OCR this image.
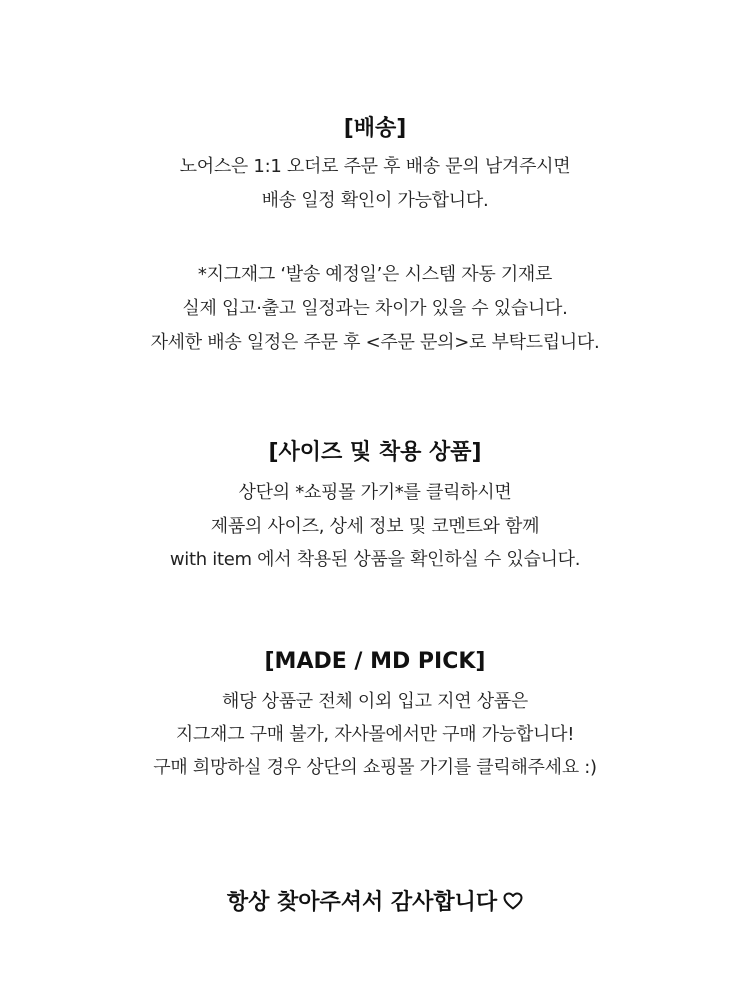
[배송]
노어스은 1:1 오더로 주문 후 배송 문의 남겨주시면
배송 일정 확인이 가능합니다.
*지그재그 ‘발송 예정일’은 시스템 자동 기재로
실제 입고·출고 일정과는 차이가 있을 수 있습니다.
자세한 배송 일정은 주문 후 <주문 문의>로 부탁드립니다.
[사이즈 및 착용 상품]
상단의 *쇼핑몰 가기*를 클릭하시면
제품의 사이즈, 상세 정보 및 코멘트와 함께
with item 에서 착용된 상품을 확인하실 수 있습니다.
[MADE / MD PICK]
해당 상품군 전체 이외 입고 지연 상품은
지그재그 구매 불가, 자사몰에서만 구매 가능합니다!
구매 희망하실 경우 상단의 쇼핑몰 가기를 클릭해주세요 :)
항상 찾아주셔서 감사합니다
